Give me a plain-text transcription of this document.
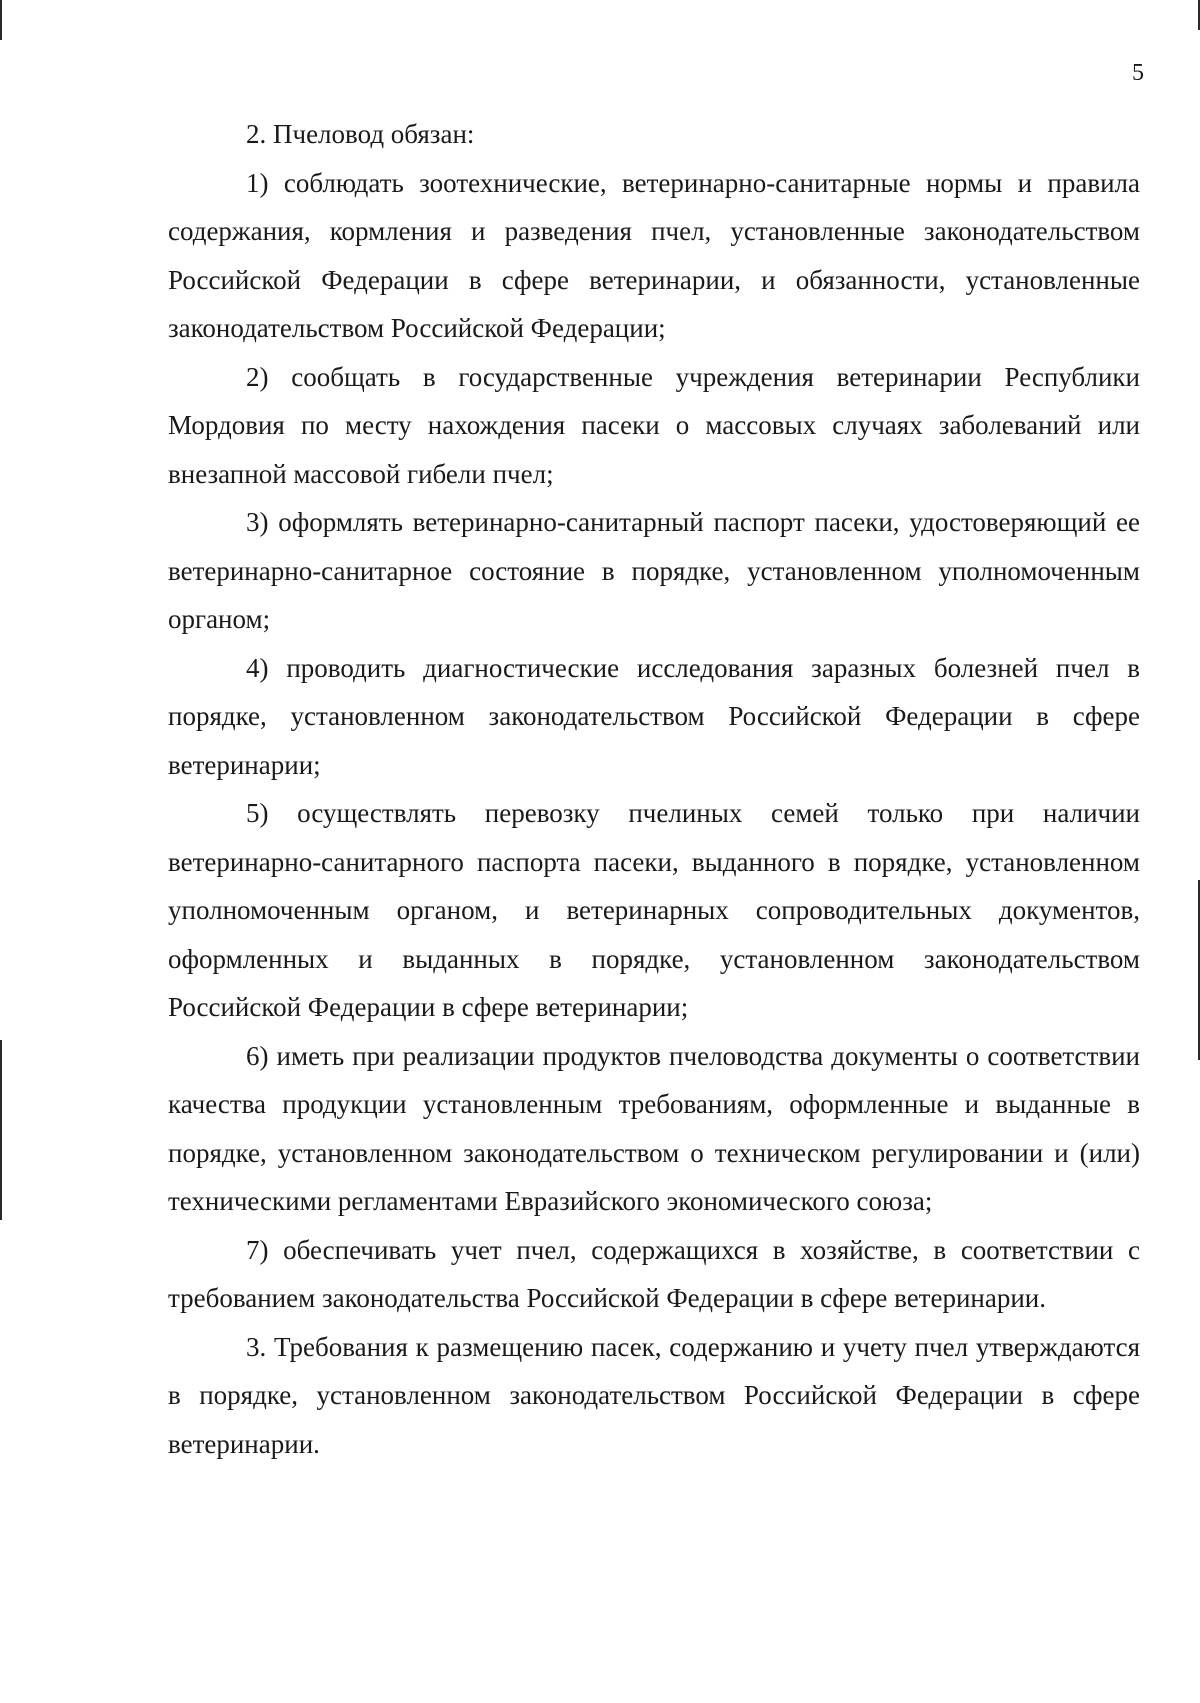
5

2. Пчеловод обязан:

1) соблюдать зоотехнические, ветеринарно-санитарные нормы и правила содержания, кормления и разведения пчел, установленные законодательством Российской Федерации в сфере ветеринарии, и обязанности, установленные законодательством Российской Федерации;

2) сообщать в государственные учреждения ветеринарии Республики Мордовия по месту нахождения пасеки о массовых случаях заболеваний или внезапной массовой гибели пчел;

3) оформлять ветеринарно-санитарный паспорт пасеки, удостоверяющий ее ветеринарно-санитарное состояние в порядке, установленном уполномоченным органом;

4) проводить диагностические исследования заразных болезней пчел в порядке, установленном законодательством Российской Федерации в сфере ветеринарии;

5) осуществлять перевозку пчелиных семей только при наличии ветеринарно-санитарного паспорта пасеки, выданного в порядке, установленном уполномоченным органом, и ветеринарных сопроводительных документов, оформленных и выданных в порядке, установленном законодательством Российской Федерации в сфере ветеринарии;

6) иметь при реализации продуктов пчеловодства документы о соответствии качества продукции установленным требованиям, оформленные и выданные в порядке, установленном законодательством о техническом регулировании и (или) техническими регламентами Евразийского экономического союза;

7) обеспечивать учет пчел, содержащихся в хозяйстве, в соответствии с требованием законодательства Российской Федерации в сфере ветеринарии.

3. Требования к размещению пасек, содержанию и учету пчел утверждаются в порядке, установленном законодательством Российской Федерации в сфере ветеринарии.
